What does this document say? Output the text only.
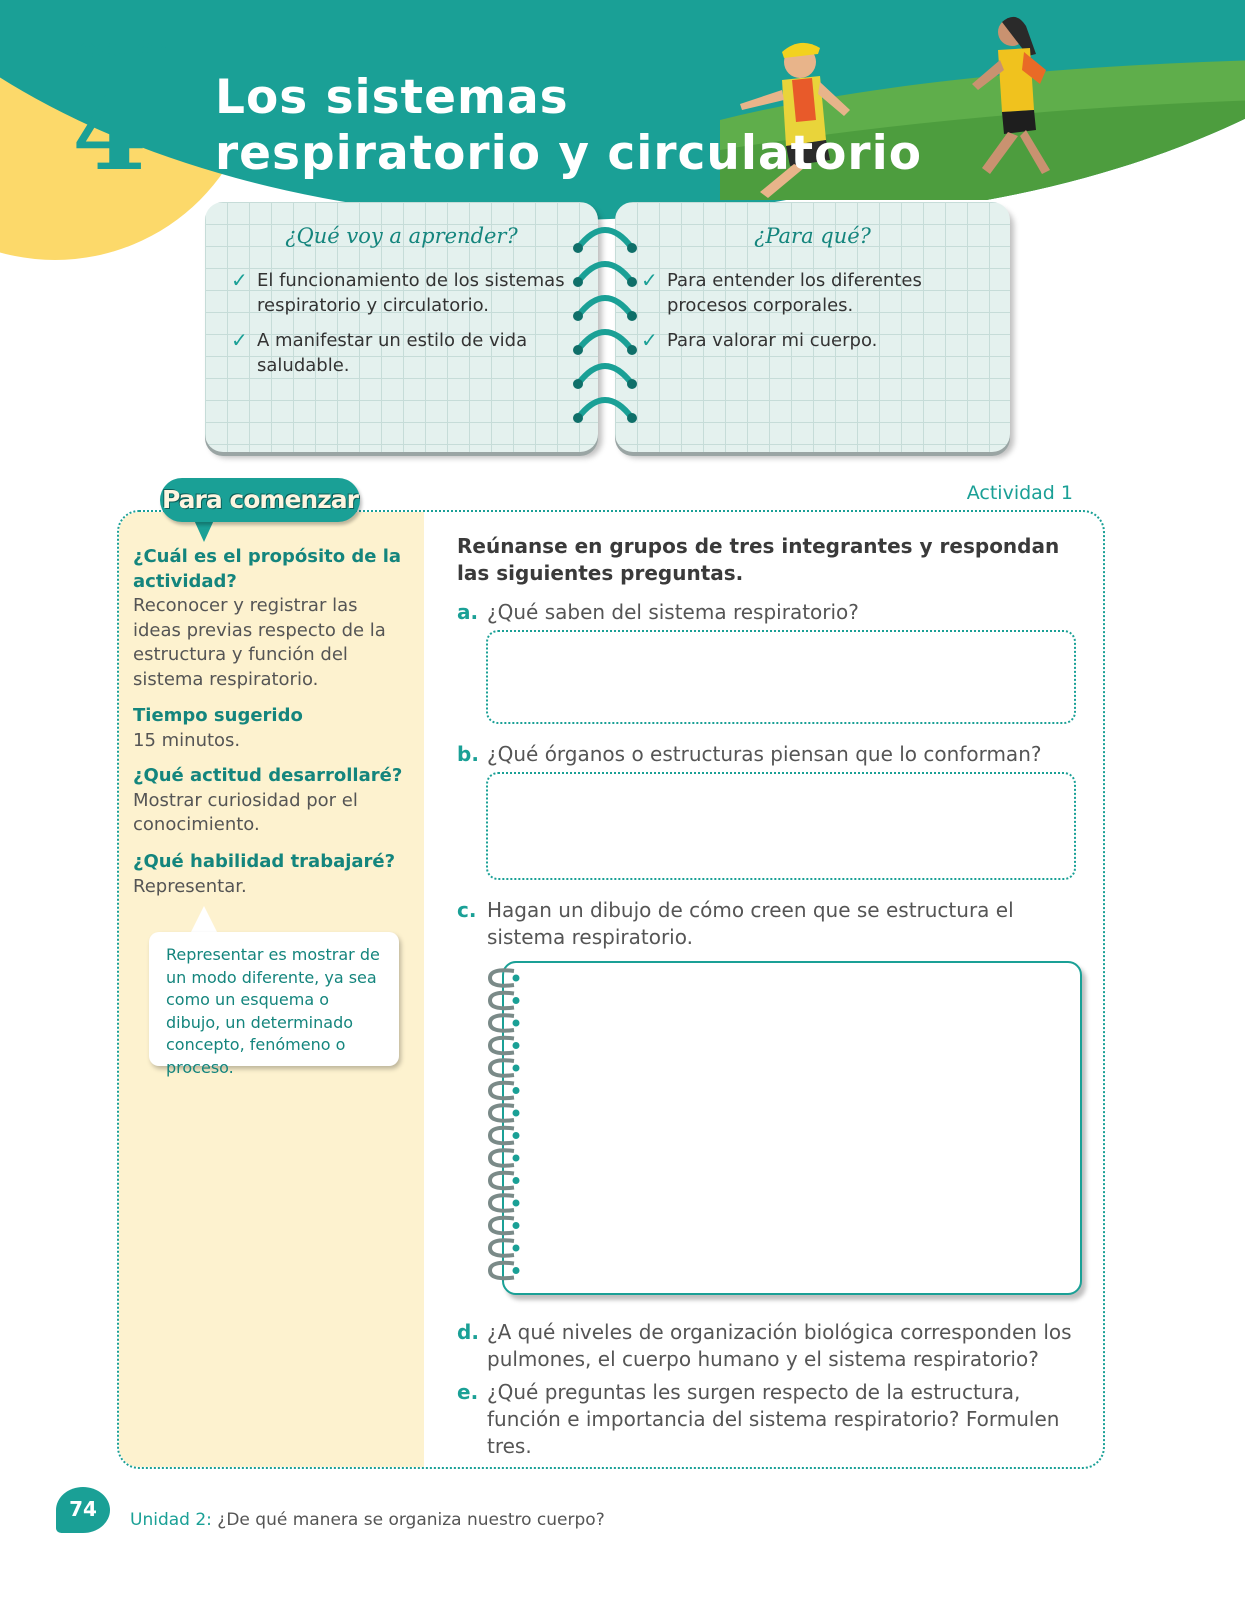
Lección
4 Los sistemas
respiratorio y circulatorio
¿Qué voy a aprender?
✓ El funcionamiento de los sistemas respiratorio y circulatorio.
✓ A manifestar un estilo de vida saludable.
¿Para qué?
✓ Para entender los diferentes procesos corporales.
✓ Para valorar mi cuerpo.
Actividad 1
Para comenzar
¿Cuál es el propósito de la actividad?
Reconocer y registrar las ideas previas respecto de la estructura y función del sistema respiratorio.
Tiempo sugerido
15 minutos.
¿Qué actitud desarrollaré?
Mostrar curiosidad por el conocimiento.
¿Qué habilidad trabajaré?
Representar.

Representar es mostrar de un modo diferente, ya sea como un esquema o dibujo, un determinado concepto, fenómeno o proceso.

Reúnanse en grupos de tres integrantes y respondan las siguientes preguntas.
a. ¿Qué saben del sistema respiratorio?
b. ¿Qué órganos o estructuras piensan que lo conforman?
c. Hagan un dibujo de cómo creen que se estructura el sistema respiratorio.
d. ¿A qué niveles de organización biológica corresponden los pulmones, el cuerpo humano y el sistema respiratorio?
e. ¿Qué preguntas les surgen respecto de la estructura, función e importancia del sistema respiratorio? Formulen tres.
74	Unidad 2: ¿De qué manera se organiza nuestro cuerpo?
